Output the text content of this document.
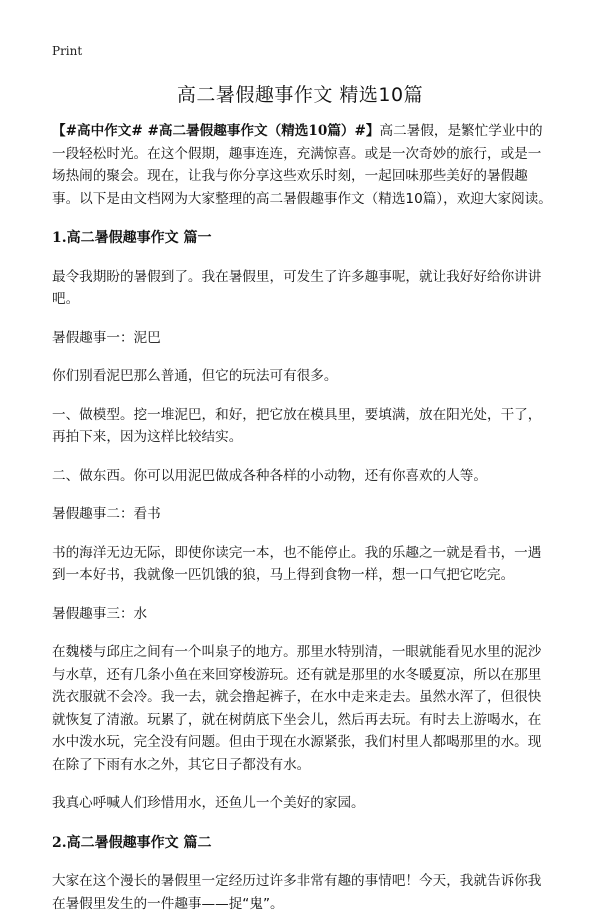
Print
高二暑假趣事作文 精选10篇

【#高中作文# #高二暑假趣事作文（精选10篇）#】高二暑假，是繁忙学业中的一段轻松时光。在这个假期，趣事连连，充满惊喜。或是一次奇妙的旅行，或是一场热闹的聚会。现在，让我与你分享这些欢乐时刻，一起回味那些美好的暑假趣事。以下是由文档网为大家整理的高二暑假趣事作文（精选10篇），欢迎大家阅读。

1.高二暑假趣事作文 篇一

最令我期盼的暑假到了。我在暑假里，可发生了许多趣事呢，就让我好好给你讲讲吧。

暑假趣事一：泥巴

你们别看泥巴那么普通，但它的玩法可有很多。

一、做模型。挖一堆泥巴，和好，把它放在模具里，要填满，放在阳光处，干了，再拍下来，因为这样比较结实。

二、做东西。你可以用泥巴做成各种各样的小动物，还有你喜欢的人等。

暑假趣事二：看书

书的海洋无边无际，即使你读完一本，也不能停止。我的乐趣之一就是看书，一遇到一本好书，我就像一匹饥饿的狼，马上得到食物一样，想一口气把它吃完。

暑假趣事三：水

在魏楼与邱庄之间有一个叫泉子的地方。那里水特别清，一眼就能看见水里的泥沙与水草，还有几条小鱼在来回穿梭游玩。还有就是那里的水冬暖夏凉，所以在那里洗衣服就不会冷。我一去，就会撸起裤子，在水中走来走去。虽然水浑了，但很快就恢复了清澈。玩累了，就在树荫底下坐会儿，然后再去玩。有时去上游喝水，在水中泼水玩，完全没有问题。但由于现在水源紧张，我们村里人都喝那里的水。现在除了下雨有水之外，其它日子都没有水。

我真心呼喊人们珍惜用水，还鱼儿一个美好的家园。

2.高二暑假趣事作文 篇二

大家在这个漫长的暑假里一定经历过许多非常有趣的事情吧！今天，我就告诉你我在暑假里发生的一件趣事——捉“鬼”。
